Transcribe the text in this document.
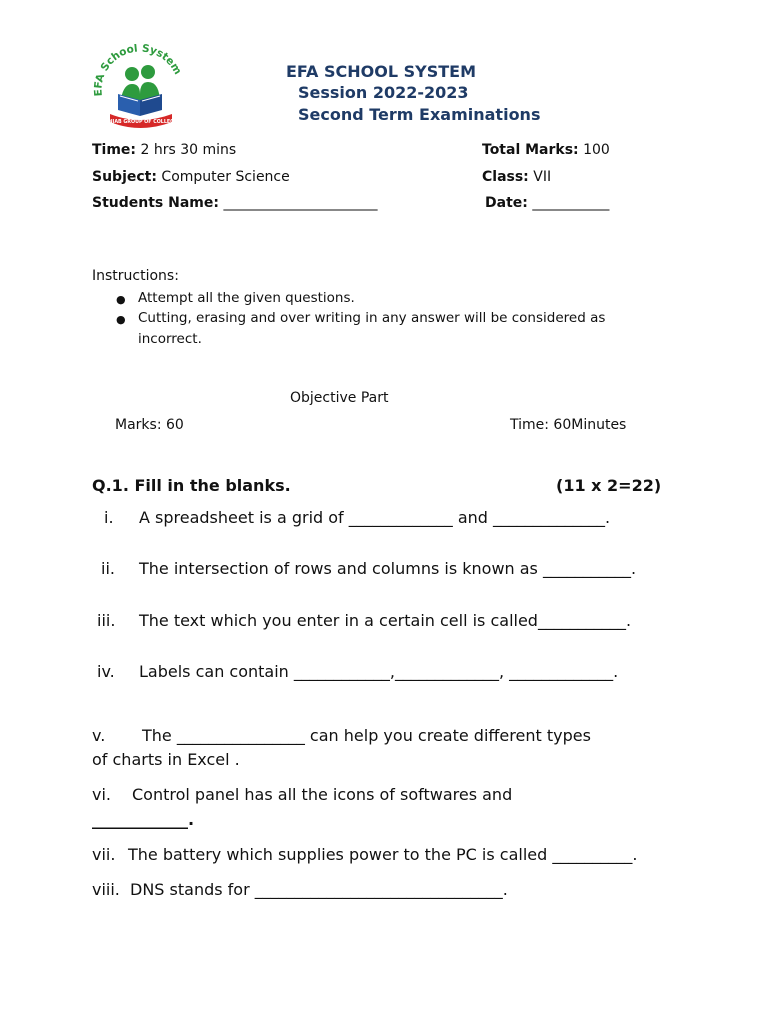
EFA School System
PUNJAB GROUP OF COLLEGES
EFA SCHOOL SYSTEM
Session 2022-2023
Second Term Examinations
Time: 2 hrs 30 mins	Total Marks: 100
Subject: Computer Science	Class: VII
Students Name: ______________________	Date: ___________
Instructions:
● Attempt all the given questions.
● Cutting, erasing and over writing in any answer will be considered as
incorrect.
Objective Part
Marks: 60	Time: 60Minutes
Q.1. Fill in the blanks.	(11 x 2=22)
i. A spreadsheet is a grid of _____________ and ______________.
ii. The intersection of rows and columns is known as ___________.
iii. The text which you enter in a certain cell is called___________.
iv. Labels can contain ____________,_____________, _____________.
v. The ________________ can help you create different types
of charts in Excel .
vi. Control panel has all the icons of softwares and
____________.
vii. The battery which supplies power to the PC is called __________.
viii. DNS stands for _______________________________.
